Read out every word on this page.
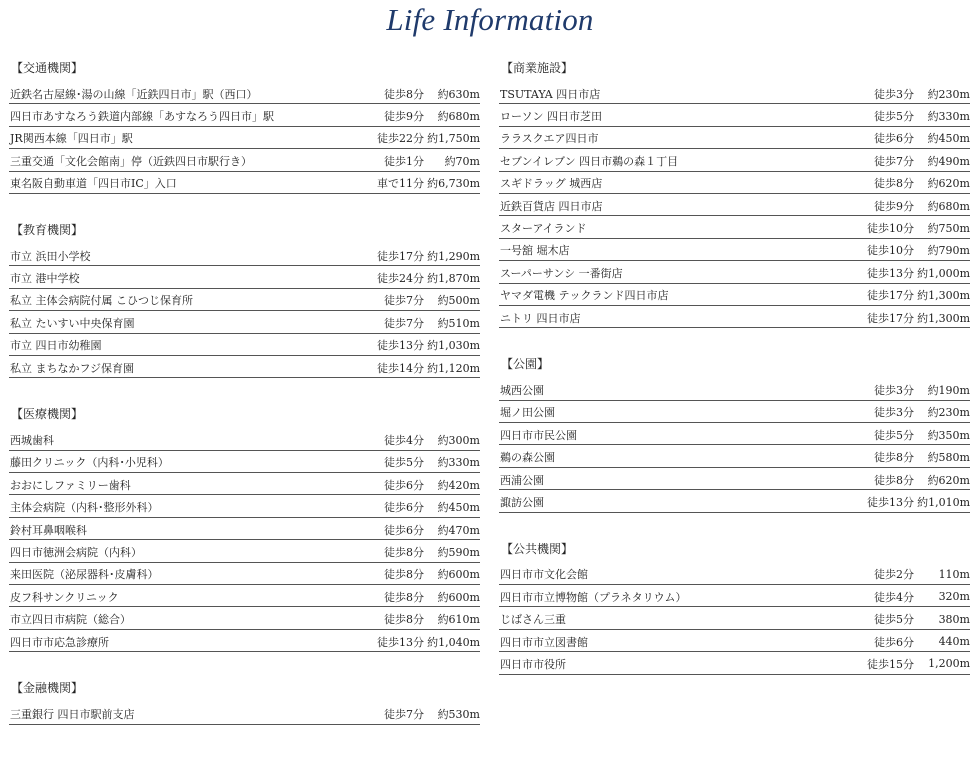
Life Information
【交通機関】
近鉄名古屋線･湯の山線「近鉄四日市」駅（西口）	徒歩8分	約630m
四日市あすなろう鉄道内部線「あすなろう四日市」駅	徒歩9分	約680m
JR関西本線「四日市」駅	徒歩22分 約1,750m
三重交通「文化会館南」停（近鉄四日市駅行き）	徒歩1分	約70m
東名阪自動車道「四日市IC」入口	車で11分 約6,730m
【教育機関】
市立 浜田小学校	徒歩17分 約1,290m
市立 港中学校	徒歩24分 約1,870m
私立 主体会病院付属 こひつじ保育所	徒歩7分	約500m
私立 たいすい中央保育園	徒歩7分	約510m
市立 四日市幼稚園	徒歩13分 約1,030m
私立 まちなかフジ保育園	徒歩14分 約1,120m
【医療機関】
西城歯科	徒歩4分	約300m
藤田クリニック（内科･小児科）	徒歩5分	約330m
おおにしファミリー歯科	徒歩6分	約420m
主体会病院（内科･整形外科）	徒歩6分	約450m
鈴村耳鼻咽喉科	徒歩6分	約470m
四日市徳洲会病院（内科）	徒歩8分	約590m
来田医院（泌尿器科･皮膚科）	徒歩8分	約600m
皮フ科サンクリニック	徒歩8分	約600m
市立四日市病院（総合）	徒歩8分	約610m
四日市市応急診療所	徒歩13分 約1,040m
【金融機関】
三重銀行 四日市駅前支店	徒歩7分	約530m
【商業施設】
TSUTAYA 四日市店	徒歩3分	約230m
ローソン 四日市芝田	徒歩5分	約330m
ララスクエア四日市	徒歩6分	約450m
セブンイレブン 四日市鵜の森１丁目	徒歩7分	約490m
スギドラッグ 城西店	徒歩8分	約620m
近鉄百貨店 四日市店	徒歩9分	約680m
スターアイランド	徒歩10分	約750m
一号舘 堀木店	徒歩10分	約790m
スーパーサンシ 一番街店	徒歩13分 約1,000m
ヤマダ電機 テックランド四日市店	徒歩17分 約1,300m
ニトリ 四日市店	徒歩17分 約1,300m
【公園】
城西公園	徒歩3分	約190m
堀ノ田公園	徒歩3分	約230m
四日市市民公園	徒歩5分	約350m
鵜の森公園	徒歩8分	約580m
西浦公園	徒歩8分	約620m
諏訪公園	徒歩13分 約1,010m
【公共機関】
四日市市文化会館	徒歩2分	110m
四日市市立博物館（プラネタリウム）	徒歩4分	320m
じばさん三重	徒歩5分	380m
四日市市立図書館	徒歩6分	440m
四日市市役所	徒歩15分	1,200m
